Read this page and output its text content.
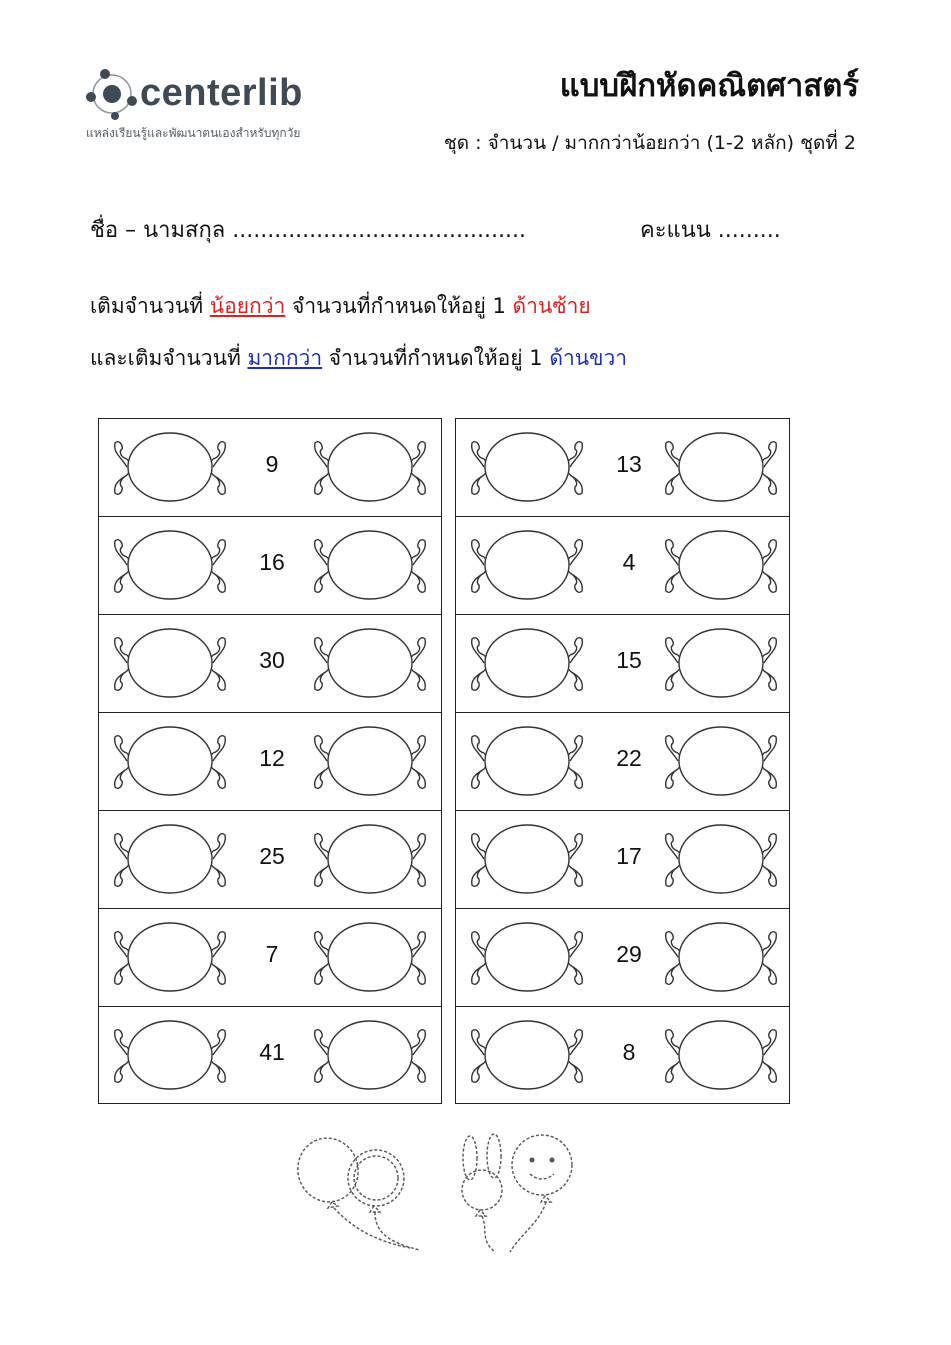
centerlib
แหล่งเรียนรู้และพัฒนาตนเองสำหรับทุกวัย
แบบฝึกหัดคณิตศาสตร์
ชุด : จำนวน / มากกว่าน้อยกว่า (1-2 หลัก) ชุดที่ 2
ชื่อ – นามสกุล ..........................................	คะแนน .........
เติมจำนวนที่ น้อยกว่า จำนวนที่กำหนดให้อยู่ 1 ด้านซ้าย
และเติมจำนวนที่ มากกว่า จำนวนที่กำหนดให้อยู่ 1 ด้านขวา
9
16
30
12
25
7
41
13
4
15
22
17
29
8
